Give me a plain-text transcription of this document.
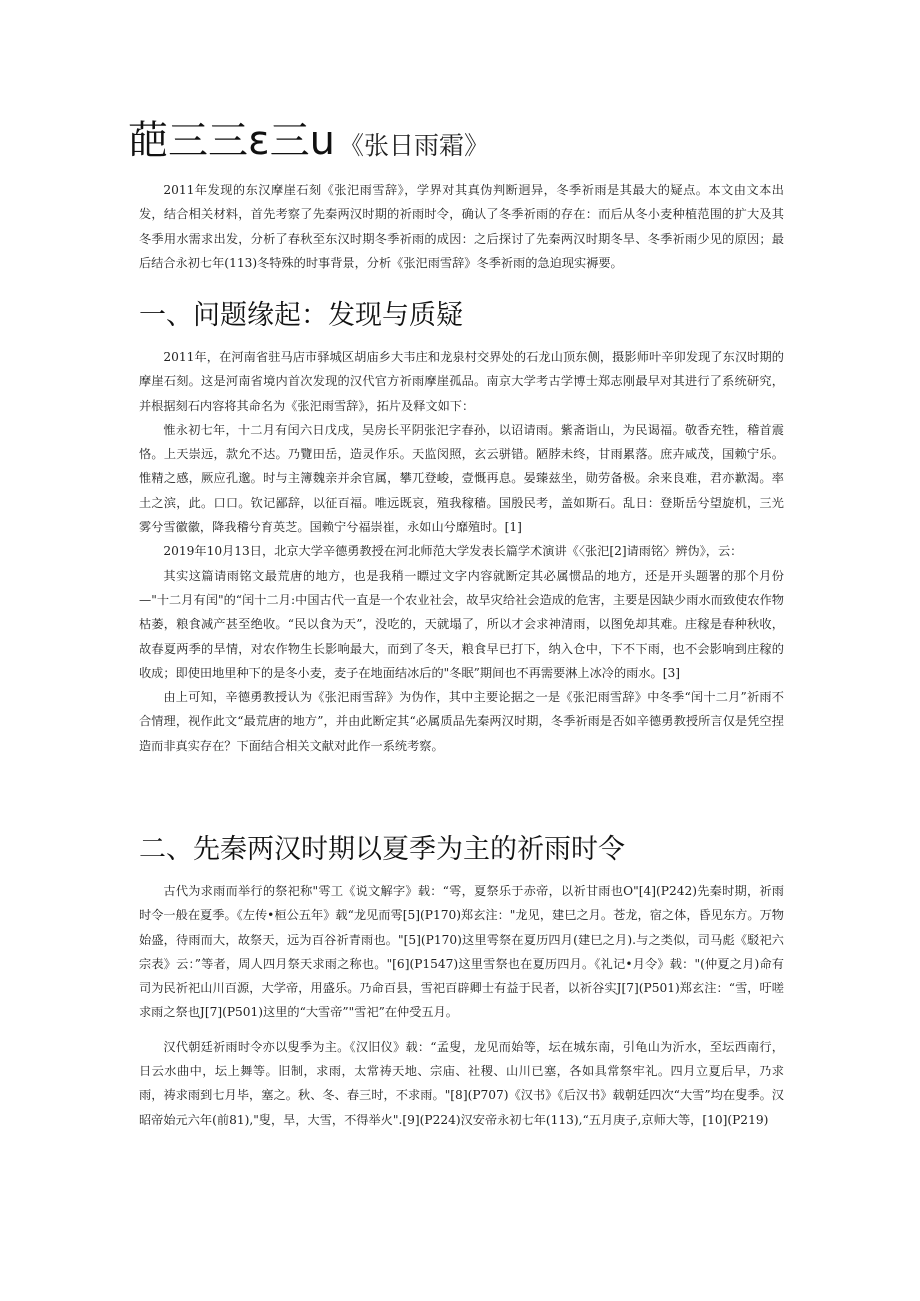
葩三三ε三u 《张日雨霜》

2011年发现的东汉摩崖石刻《张汜雨雪辞》，学界对其真伪判断迥异，冬季祈雨是其最大的疑点。本文由文本出发，结合相关材料，首先考察了先秦两汉时期的祈雨时令，确认了冬季祈雨的存在：而后从冬小麦种植范围的扩大及其冬季用水需求出发，分析了春秋至东汉时期冬季祈雨的成因：之后探讨了先秦两汉时期冬旱、冬季祈雨少见的原因；最后结合永初七年(113)冬特殊的时事背景，分析《张汜雨雪辞》冬季祈雨的急迫现实褥要。

一、问题缘起：发现与质疑

2011年，在河南省驻马店市驿城区胡庙乡大韦庄和龙泉村交界处的石龙山顶东侧，摄影师叶辛卯发现了东汉时期的摩崖石刻。这是河南省境内首次发现的汉代官方祈雨摩崖孤品。南京大学考古学博士郑志刚最早对其进行了系统研究，并根据刻石内容将其命名为《张汜雨雪辞》，拓片及释文如下：

惟永初七年，十二月有闰六日戊戌，吴房长平阴张汜字春孙，以诏请雨。紫斋诣山，为民谒福。敬香充牲，稽首震恪。上天崇远，款允不达。乃覽田岳，造灵作乐。天监闵照，玄云骈错。陋脖未终，甘雨累落。庶卉咸茂，国赖宁乐。惟精之感，厥应孔邈。时与主簿魏亲并余官属，攀兀登峻，壹慨再息。晏臻兹坐，勋劳备极。余来良难，君亦歉渴。率土之滨，此。口口。钦记鄙辞，以征百福。唯远既哀，殖我稼穑。国殷民考，盖如斯石。乱日：登斯岳兮望旋机，三光雾兮雪徽徽，降我稽兮育英芝。国赖宁兮福崇崔，永如山兮靡殖时。[1]

2019年10月13日，北京大学辛德勇教授在河北师范大学发表长篇学术演讲《〈张汜[2]请雨铭〉辨伪》，云：

其实这篇请雨铭文最荒唐的地方，也是我稍一瞟过文字内容就断定其必属惯品的地方，还是开头题署的那个月份—"十二月有闰"的“闰十二月:中国古代一直是一个农业社会，故旱灾给社会造成的危害，主要是因缺少雨水而致使农作物枯萎，粮食减产甚至绝收。“民以食为天”，没吃的，天就塌了，所以才会求神清雨，以图免却其难。庄稼是春种秋收，故春夏两季的旱情，对农作物生长影响最大，而到了冬天，粮食早已打下，纳入仓中，下不下雨，也不会影响到庄稼的收成；即使田地里种下的是冬小麦，麦子在地面结冰后的"冬眠”期间也不再需要淋上冰冷的雨水。[3]

由上可知，辛德勇教授认为《张汜雨雪辞》为伪作，其中主要论据之一是《张汜雨雪辞》中冬季“闰十二月”祈雨不合情理，视作此文“最荒唐的地方”，并由此断定其“必属质品先秦两汉时期，冬季祈雨是否如辛德勇教授所言仅是凭空捏造而非真实存在？下面结合相关文献对此作一系统考察。

二、先秦两汉时期以夏季为主的祈雨时令

古代为求雨而举行的祭祀称"雩工《说文解字》载：“雩，夏祭乐于赤帝，以祈甘雨也O"[4](P242)先秦时期，祈雨时令一般在夏季。《左传•桓公五年》载“龙见而雩[5](P170)郑玄注："龙见，建巳之月。苍龙，宿之体，昏见东方。万物始盛，待雨而大，故祭天，远为百谷祈青雨也。"[5](P170)这里雩祭在夏历四月(建巳之月).与之类似，司马彪《駁祀六宗表》云：”等者，周人四月祭天求雨之称也。"[6](P1547)这里雪祭也在夏历四月。《礼记•月令》载："(仲夏之月)命有司为民祈祀山川百源，大学帝，用盛乐。乃命百县，雪祀百辟卿士有益于民者，以祈谷实J[7](P501)郑玄注：“雪，吁嗟求雨之祭也J[7](P501)这里的“大雪帝”"雪祀”在仲受五月。

汉代朝廷祈雨时令亦以叟季为主。《汉旧仪》载：“孟叟，龙见而始等，坛在城东南，引龟山为沂水，至坛西南行，日云水曲中，坛上舞等。旧制，求雨，太常祷天地、宗庙、社稷、山川已塞，各如具常祭牢礼。四月立夏后早，乃求雨，祷求雨到七月毕，塞之。秋、冬、春三时，不求雨。"[8](P707)《汉书》《后汉书》载朝廷四次“大雪”均在叟季。汉昭帝始元六年(前81),"叟，旱，大雪，不得举火".[9](P224)汉安帝永初七年(113),“五月庚子,京师大等，[10](P219)
